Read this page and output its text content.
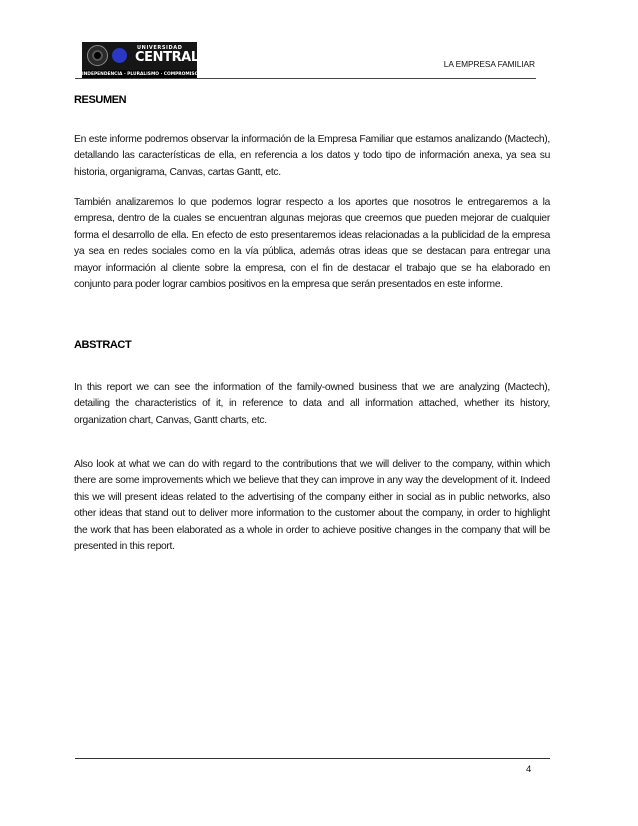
UNIVERSIDAD
CENTRAL
INDEPENDENCIA · PLURALISMO · COMPROMISO
LA EMPRESA FAMILIAR
RESUMEN

En este informe podremos observar la información de la Empresa Familiar que estamos analizando (Mactech), detallando las características de ella, en referencia a los datos y todo tipo de información anexa, ya sea su historia, organigrama, Canvas, cartas Gantt, etc.

También analizaremos lo que podemos lograr respecto a los aportes que nosotros le entregaremos a la empresa, dentro de la cuales se encuentran algunas mejoras que creemos que pueden mejorar de cualquier forma el desarrollo de ella. En efecto de esto presentaremos ideas relacionadas a la publicidad de la empresa ya sea en redes sociales como en la vía pública, además otras ideas que se destacan para entregar una mayor información al cliente sobre la empresa, con el fin de destacar el trabajo que se ha elaborado en conjunto para poder lograr cambios positivos en la empresa que serán presentados en este informe.

ABSTRACT

In this report we can see the information of the family-owned business that we are analyzing (Mactech), detailing the characteristics of it, in reference to data and all information attached, whether its history, organization chart, Canvas, Gantt charts, etc.

Also look at what we can do with regard to the contributions that we will deliver to the company, within which there are some improvements which we believe that they can improve in any way the development of it. Indeed this we will present ideas related to the advertising of the company either in social as in public networks, also other ideas that stand out to deliver more information to the customer about the company, in order to highlight the work that has been elaborated as a whole in order to achieve positive changes in the company that will be presented in this report.

4
